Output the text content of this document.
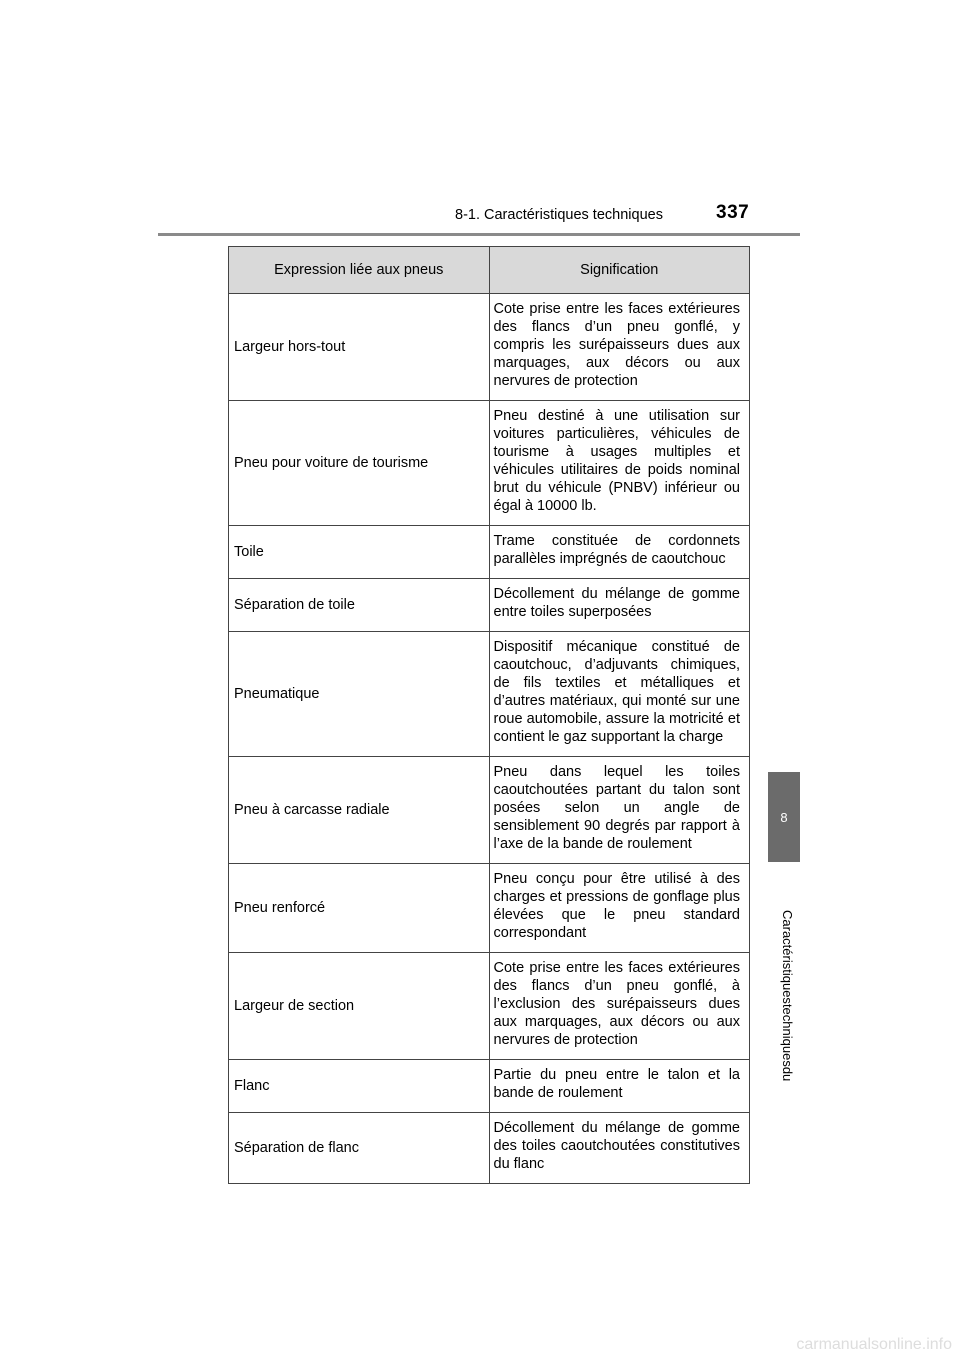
8-1. Caractéristiques techniques	337
8
Caractéristiques
techniques
du
Expression liée aux pneus	Signification
Largeur hors-tout	Cote prise entre les faces extérieures des flancs d’un pneu gonflé, y compris les surépaisseurs dues aux marquages, aux décors ou aux nervures de protection
Pneu pour voiture de tourisme	Pneu destiné à une utilisation sur voitures particulières, véhicules de tourisme à usages multiples et véhicules utilitaires de poids nominal brut du véhicule (PNBV) inférieur ou égal à 10000 lb.
Toile	Trame constituée de cordonnets parallèles imprégnés de caoutchouc
Séparation de toile	Décollement du mélange de gomme entre toiles superposées
Pneumatique	Dispositif mécanique constitué de caoutchouc, d’adjuvants chimiques, de fils textiles et métalliques et d’autres matériaux, qui monté sur une roue automobile, assure la motricité et contient le gaz supportant la charge
Pneu à carcasse radiale	Pneu dans lequel les toiles caoutchoutées partant du talon sont posées selon un angle de sensiblement 90 degrés par rapport à l’axe de la bande de roulement
Pneu renforcé	Pneu conçu pour être utilisé à des charges et pressions de gonflage plus élevées que le pneu standard correspondant
Largeur de section	Cote prise entre les faces extérieures des flancs d’un pneu gonflé, à l’exclusion des surépaisseurs dues aux marquages, aux décors ou aux nervures de protection
Flanc	Partie du pneu entre le talon et la bande de roulement
Séparation de flanc	Décollement du mélange de gomme des toiles caoutchoutées constitutives du flanc
carmanualsonline.info
